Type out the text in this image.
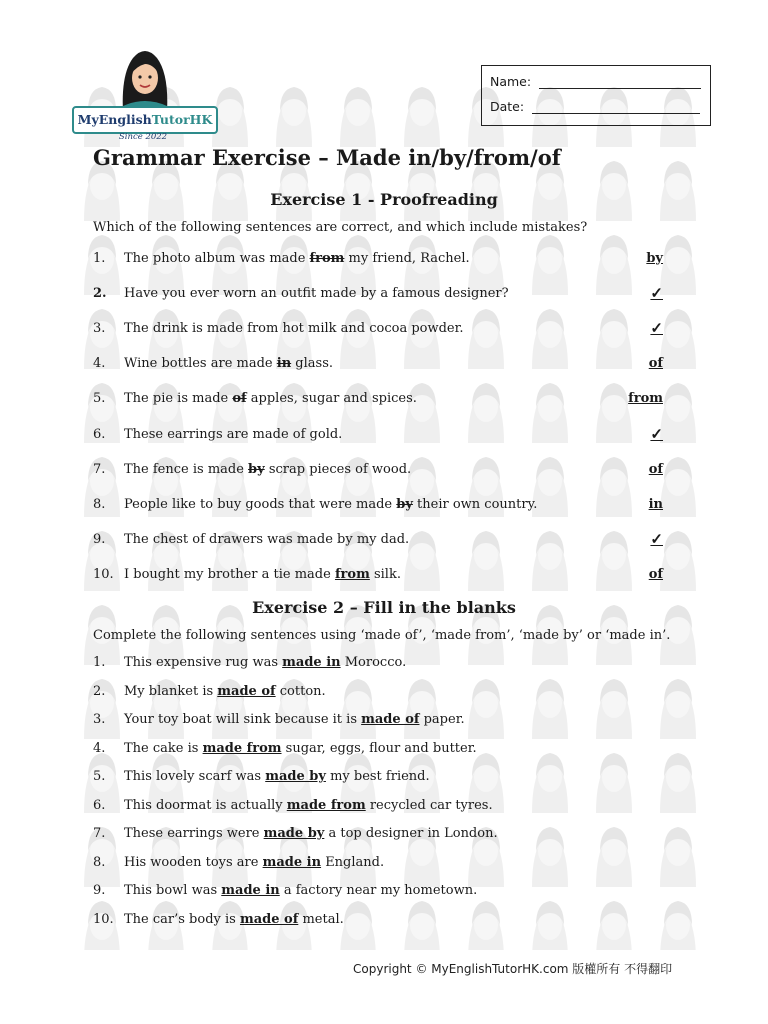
MyEnglishTutorHK
Since 2022
Name:
Date:
Grammar Exercise – Made in/by/from/of
Exercise 1 - Proofreading
Which of the following sentences are correct, and which include mistakes?
1. The photo album was made from my friend, Rachel.	by
2. Have you ever worn an outfit made by a famous designer?	✓
3. The drink is made from hot milk and cocoa powder.	✓
4. Wine bottles are made in glass.	of
5. The pie is made of apples, sugar and spices.	from
6. These earrings are made of gold.	✓
7. The fence is made by scrap pieces of wood.	of
8. People like to buy goods that were made by their own country.	in
9. The chest of drawers was made by my dad.	✓
10. I bought my brother a tie made from silk.	of
Exercise 2 – Fill in the blanks
Complete the following sentences using ‘made of’, ‘made from’, ‘made by’ or ‘made in’.
1. This expensive rug was made in Morocco.
2. My blanket is made of cotton.
3. Your toy boat will sink because it is made of paper.
4. The cake is made from sugar, eggs, flour and butter.
5. This lovely scarf was made by my best friend.
6. This doormat is actually made from recycled car tyres.
7. These earrings were made by a top designer in London.
8. His wooden toys are made in England.
9. This bowl was made in a factory near my hometown.
10. The car’s body is made of metal.
Copyright © MyEnglishTutorHK.com 版權所有 不得翻印
